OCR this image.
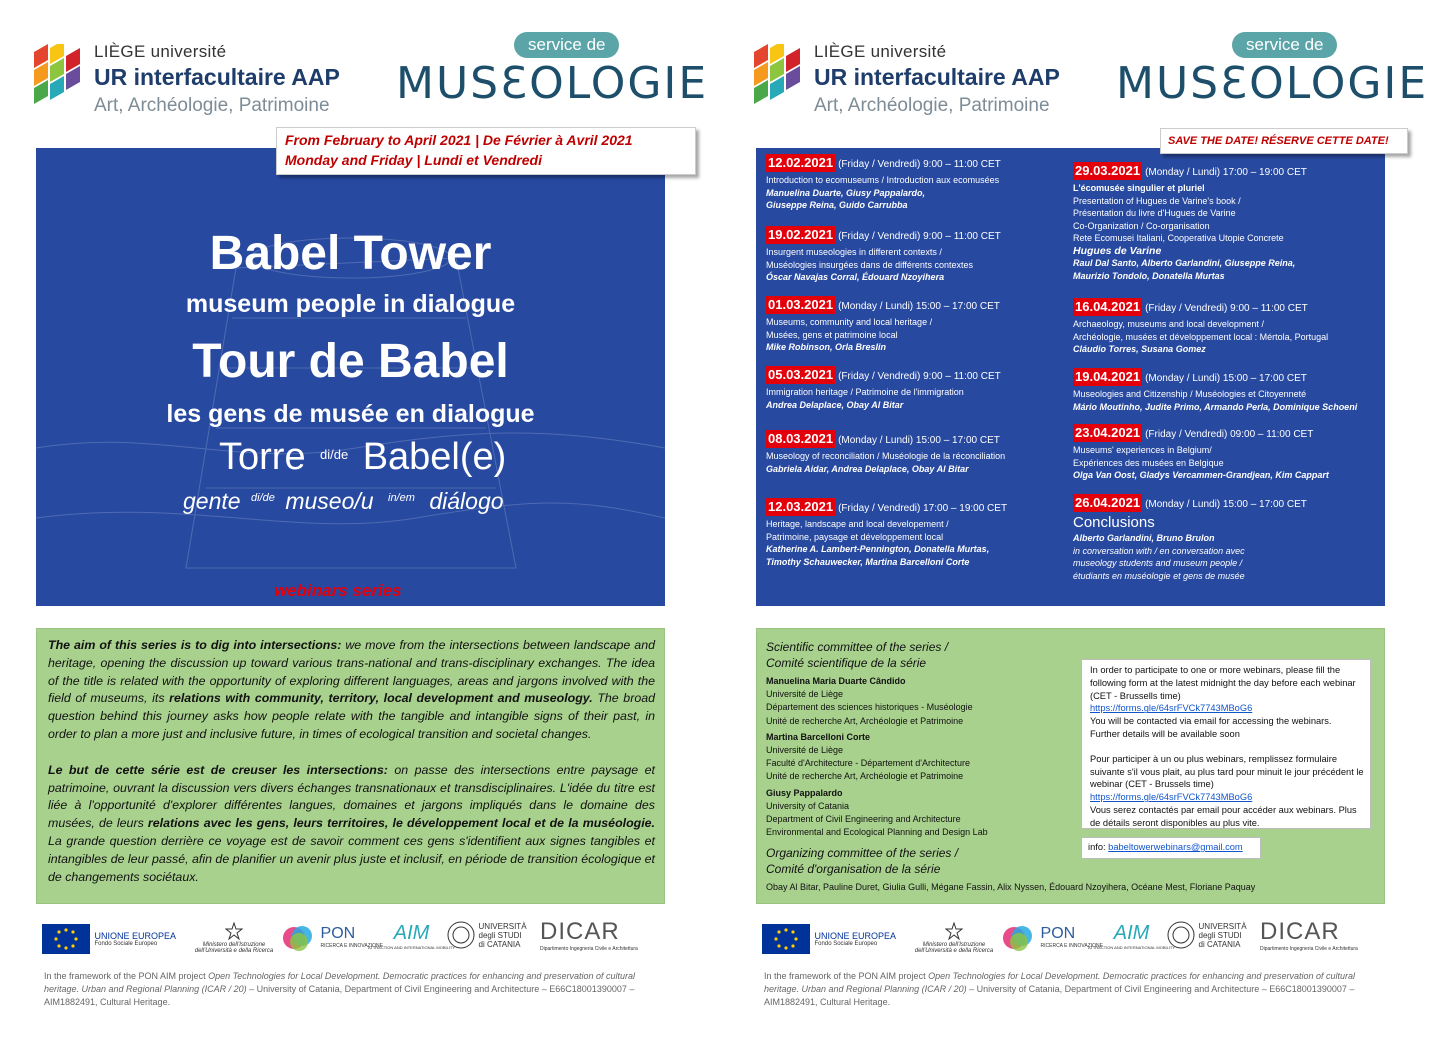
LIÈGE université
UR interfacultaire AAP
Art, Archéologie, Patrimoine
service de
MUSƐOLOGIE
Babel Tower
museum people in dialogue
Tour de Babel
les gens de musée en dialogue
Torre $^{di/de}$ Babel(e)
gente $^{di/de}$ museo/u $^{in/em}$ diálogo
webinars series
From February to April 2021 | De Février à Avril 2021
Monday and Friday | Lundi et Vendredi

The aim of this series is to dig into intersections: we move from the intersections between landscape and heritage, opening the discussion up toward various trans-national and trans-disciplinary exchanges. The idea of the title is related with the opportunity of exploring different languages, areas and jargons involved with the field of museums, its relations with community, territory, local development and museology. The broad question behind this journey asks how people relate with the tangible and intangible signs of their past, in order to plan a more just and inclusive future, in times of ecological transition and societal changes.

Le but de cette série est de creuser les intersections: on passe des intersections entre paysage et patrimoine, ouvrant la discussion vers divers échanges transnationaux et transdisciplinaires. L'idée du titre est liée à l'opportunité d'explorer différentes langues, domaines et jargons impliqués dans le domaine des musées, de leurs relations avec les gens, leurs territoires, le développement local et de la muséologie. La grande question derrière ce voyage est de savoir comment ces gens s'identifient aux signes tangibles et intangibles de leur passé, afin de planifier un avenir plus juste et inclusif, en période de transition écologique et de changements sociétaux.

UNIONE EUROPEA
Fondo Sociale Europeo	Ministero dell'Istruzione dell'Università e della Ricerca

PON
RICERCA E INNOVAZIONE
AIM
ATTRACTION AND INTERNATIONAL MOBILITY

UNIVERSITÀ
degli STUDI
di CATANIA DICAR
Dipartimento Ingegneria Civile e Architettura
In the framework of the PON AIM project Open Technologies for Local Development. Democratic practices for enhancing and preservation of cultural heritage. Urban and Regional Planning (ICAR / 20) – University of Catania, Department of Civil Engineering and Architecture – E66C18001390007 – AIM1882491, Cultural Heritage.
LIÈGE université
UR interfacultaire AAP
Art, Archéologie, Patrimoine
service de
MUSƐOLOGIE
12.02.2021 (Friday / Vendredi) 9:00 – 11:00 CET
Introduction to ecomuseums / Introduction aux ecomusées
Manuelina Duarte, Giusy Pappalardo,
Giuseppe Reina, Guido Carrubba
19.02.2021 (Friday / Vendredi) 9:00 – 11:00 CET
Insurgent museologies in different contexts /
Muséologies insurgées dans de différents contextes
Óscar Navajas Corral, Édouard Nzoyihera
01.03.2021 (Monday / Lundi) 15:00 – 17:00 CET
Museums, community and local heritage /
Musées, gens et patrimoine local
Mike Robinson, Orla Breslin
05.03.2021 (Friday / Vendredi) 9:00 – 11:00 CET
Immigration heritage / Patrimoine de l'immigration
Andrea Delaplace, Obay Al Bitar
08.03.2021 (Monday / Lundi) 15:00 – 17:00 CET
Museology of reconciliation / Muséologie de la réconciliation
Gabriela Aidar, Andrea Delaplace, Obay Al Bitar
12.03.2021 (Friday / Vendredi) 17:00 – 19:00 CET
Heritage, landscape and local developement /
Patrimoine, paysage et développement local
Katherine A. Lambert-Pennington, Donatella Murtas,
Timothy Schauwecker, Martina Barcelloni Corte
29.03.2021 (Monday / Lundi) 17:00 – 19:00 CET
L'écomusée singulier et pluriel
Presentation of Hugues de Varine's book /
Présentation du livre d'Hugues de Varine
Co-Organization / Co-organisation
Rete Ecomusei Italiani, Cooperativa Utopie Concrete
Hugues de Varine
Raul Dal Santo, Alberto Garlandini, Giuseppe Reina,
Maurizio Tondolo, Donatella Murtas
16.04.2021 (Friday / Vendredi) 9:00 – 11:00 CET
Archaeology, museums and local development /
Archéologie, musées et développement local : Mértola, Portugal
Cláudio Torres, Susana Gomez
19.04.2021 (Monday / Lundi) 15:00 – 17:00 CET
Museologies and Citizenship / Muséologies et Citoyenneté
Mário Moutinho, Judite Primo, Armando Perla, Dominique Schoeni
23.04.2021 (Friday / Vendredi) 09:00 – 11:00 CET
Museums' experiences in Belgium/
Expériences des musées en Belgique
Olga Van Oost, Gladys Vercammen-Grandjean, Kim Cappart
26.04.2021 (Monday / Lundi) 15:00 – 17:00 CET
Conclusions
Alberto Garlandini, Bruno Brulon
in conversation with / en conversation avec
museology students and museum people /
étudiants en muséologie et gens de musée
SAVE THE DATE! RÉSERVE CETTE DATE!
Scientific committee of the series /
Comité scientifique de la série
Manuelina Maria Duarte Cândido
Université de Liège
Département des sciences historiques - Muséologie
Unité de recherche Art, Archéologie et Patrimoine
Martina Barcelloni Corte
Université de Liège
Faculté d'Architecture - Département d'Architecture
Unité de recherche Art, Archéologie et Patrimoine
Giusy Pappalardo
University of Catania
Department of Civil Engineering and Architecture
Environmental and Ecological Planning and Design Lab
Organizing committee of the series /
Comité d'organisation de la série
Obay Al Bitar, Pauline Duret, Giulia Gulli, Mégane Fassin, Alix Nyssen, Édouard Nzoyihera, Océane Mest, Floriane Paquay
In order to participate to one or more webinars, please fill the following form at the latest midnight the day before each webinar (CET - Brussells time)
https://forms.gle/64srFVCk7743MBoG6
You will be contacted via email for accessing the webinars. Further details will be available soon
Pour participer à un ou plus webinars, remplissez formulaire suivante s'il vous plait, au plus tard pour minuit le jour précédent le webinar (CET - Brussels time)
https://forms.gle/64srFVCk7743MBoG6
Vous serez contactés par email pour accéder aux webinars. Plus de détails seront disponibles au plus vite.
info: babeltowerwebinars@gmail.com

UNIONE EUROPEA
Fondo Sociale Europeo	Ministero dell'Istruzione dell'Università e della Ricerca

PON
RICERCA E INNOVAZIONE
AIM
ATTRACTION AND INTERNATIONAL MOBILITY

UNIVERSITÀ
degli STUDI
di CATANIA DICAR
Dipartimento Ingegneria Civile e Architettura
In the framework of the PON AIM project Open Technologies for Local Development. Democratic practices for enhancing and preservation of cultural heritage. Urban and Regional Planning (ICAR / 20) – University of Catania, Department of Civil Engineering and Architecture – E66C18001390007 – AIM1882491, Cultural Heritage.
